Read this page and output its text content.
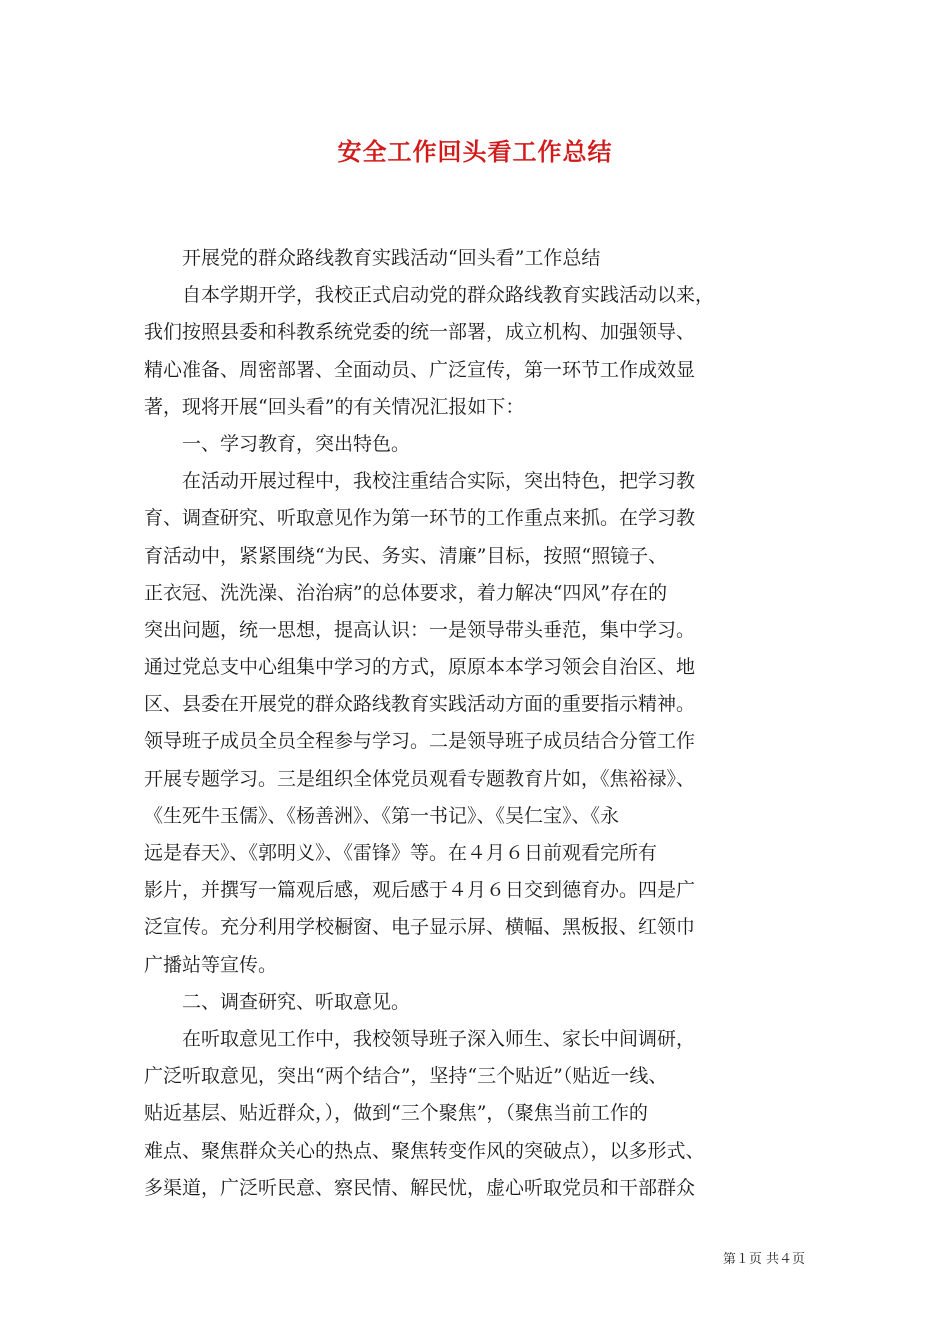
安全工作回头看工作总结
　　开展党的群众路线教育实践活动“回头看”工作总结
　　自本学期开学，我校正式启动党的群众路线教育实践活动以来，
我们按照县委和科教系统党委的统一部署，成立机构、加强领导、
精心准备、周密部署、全面动员、广泛宣传，第一环节工作成效显
著，现将开展“回头看”的有关情况汇报如下：
　　一、学习教育，突出特色。
　　在活动开展过程中，我校注重结合实际，突出特色，把学习教
育、调查研究、听取意见作为第一环节的工作重点来抓。在学习教
育活动中，紧紧围绕“为民、务实、清廉”目标，按照“照镜子、
正衣冠、洗洗澡、治治病”的总体要求，着力解决“四风”存在的
突出问题，统一思想，提高认识：一是领导带头垂范，集中学习。
通过党总支中心组集中学习的方式，原原本本学习领会自治区、地
区、县委在开展党的群众路线教育实践活动方面的重要指示精神。
领导班子成员全员全程参与学习。二是领导班子成员结合分管工作
开展专题学习。三是组织全体党员观看专题教育片如，《焦裕禄》、
《生死牛玉儒》、《杨善洲》、《第一书记》、《吴仁宝》、《永
远是春天》、《郭明义》、《雷锋》等。在４月６日前观看完所有
影片，并撰写一篇观后感，观后感于４月６日交到德育办。四是广
泛宣传。充分利用学校橱窗、电子显示屏、横幅、黑板报、红领巾
广播站等宣传。
　　二、调查研究、听取意见。
　　在听取意见工作中，我校领导班子深入师生、家长中间调研，
广泛听取意见，突出“两个结合”，坚持“三个贴近”（贴近一线、
贴近基层、贴近群众，），做到“三个聚焦”，（聚焦当前工作的
难点、聚焦群众关心的热点、聚焦转变作风的突破点），以多形式、
多渠道，广泛听民意、察民情、解民忧，虚心听取党员和干部群众
第１页 共４页
